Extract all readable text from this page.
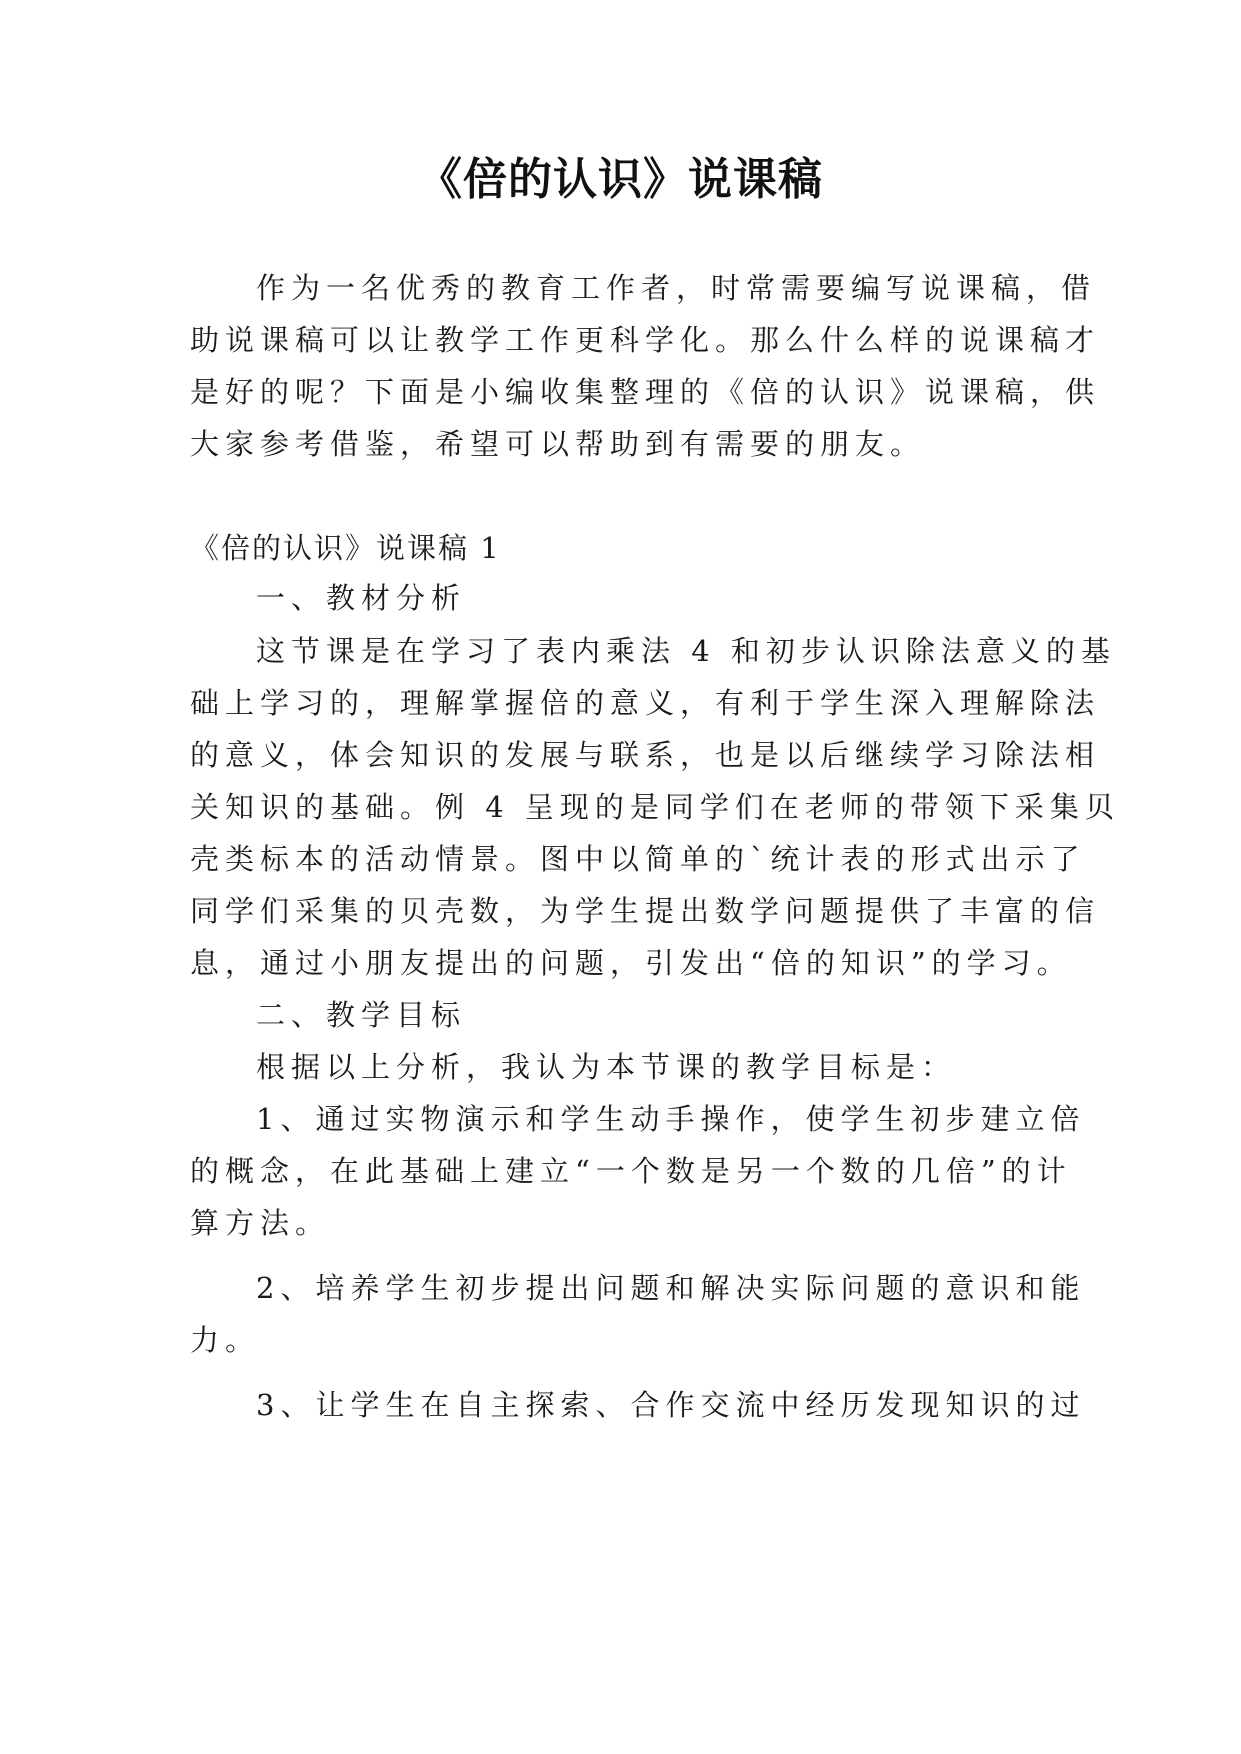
《倍的认识》说课稿
作为一名优秀的教育工作者，时常需要编写说课稿，借
助说课稿可以让教学工作更科学化。那么什么样的说课稿才
是好的呢？下面是小编收集整理的《倍的认识》说课稿，供
大家参考借鉴，希望可以帮助到有需要的朋友。
《倍的认识》说课稿 1
一、教材分析
这节课是在学习了表内乘法 4 和初步认识除法意义的基
础上学习的，理解掌握倍的意义，有利于学生深入理解除法
的意义，体会知识的发展与联系，也是以后继续学习除法相
关知识的基础。例 4 呈现的是同学们在老师的带领下采集贝
壳类标本的活动情景。图中以简单的`统计表的形式出示了
同学们采集的贝壳数，为学生提出数学问题提供了丰富的信
息，通过小朋友提出的问题，引发出“倍的知识”的学习。
二、教学目标
根据以上分析，我认为本节课的教学目标是：
1、通过实物演示和学生动手操作，使学生初步建立倍
的概念，在此基础上建立“一个数是另一个数的几倍”的计
算方法。
2、培养学生初步提出问题和解决实际问题的意识和能
力。
3、让学生在自主探索、合作交流中经历发现知识的过
